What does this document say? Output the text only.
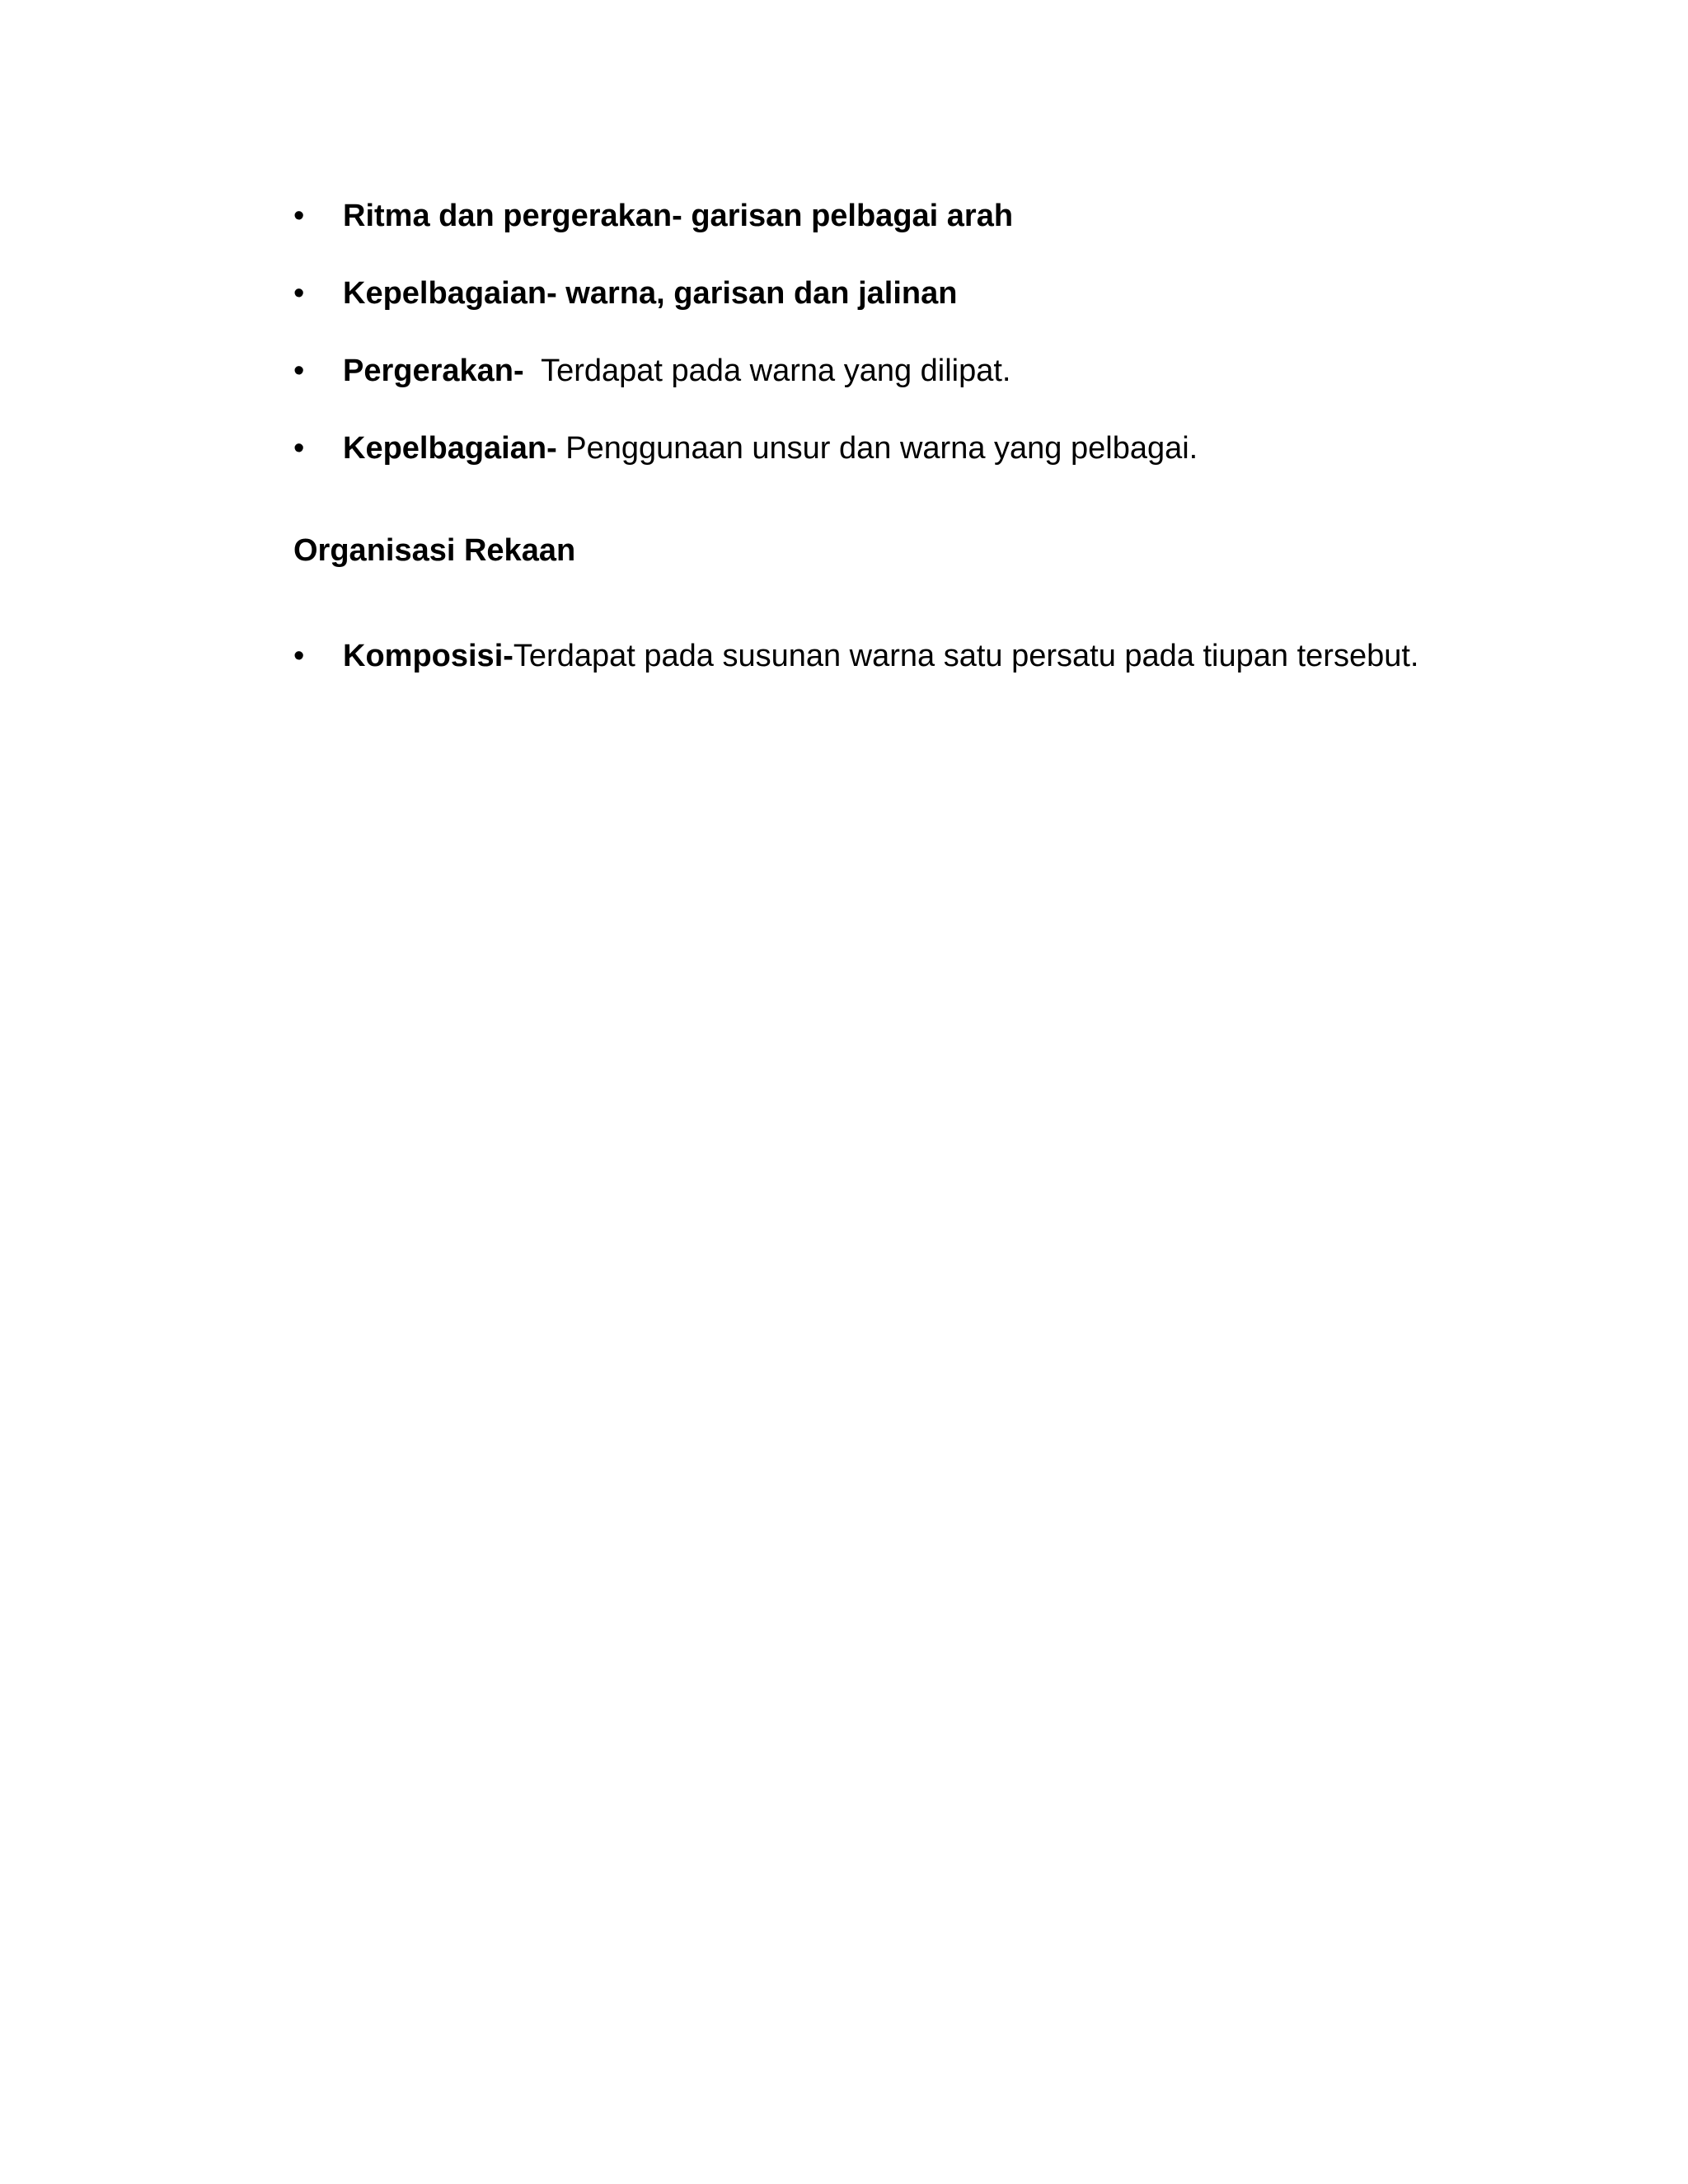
•	Ritma dan pergerakan- garisan pelbagai arah
•	Kepelbagaian- warna, garisan dan jalinan
•	Pergerakan-  Terdapat pada warna yang dilipat.
•	Kepelbagaian- Penggunaan unsur dan warna yang pelbagai.
Organisasi Rekaan
•	Komposisi-Terdapat pada susunan warna satu persatu pada tiupan tersebut.
